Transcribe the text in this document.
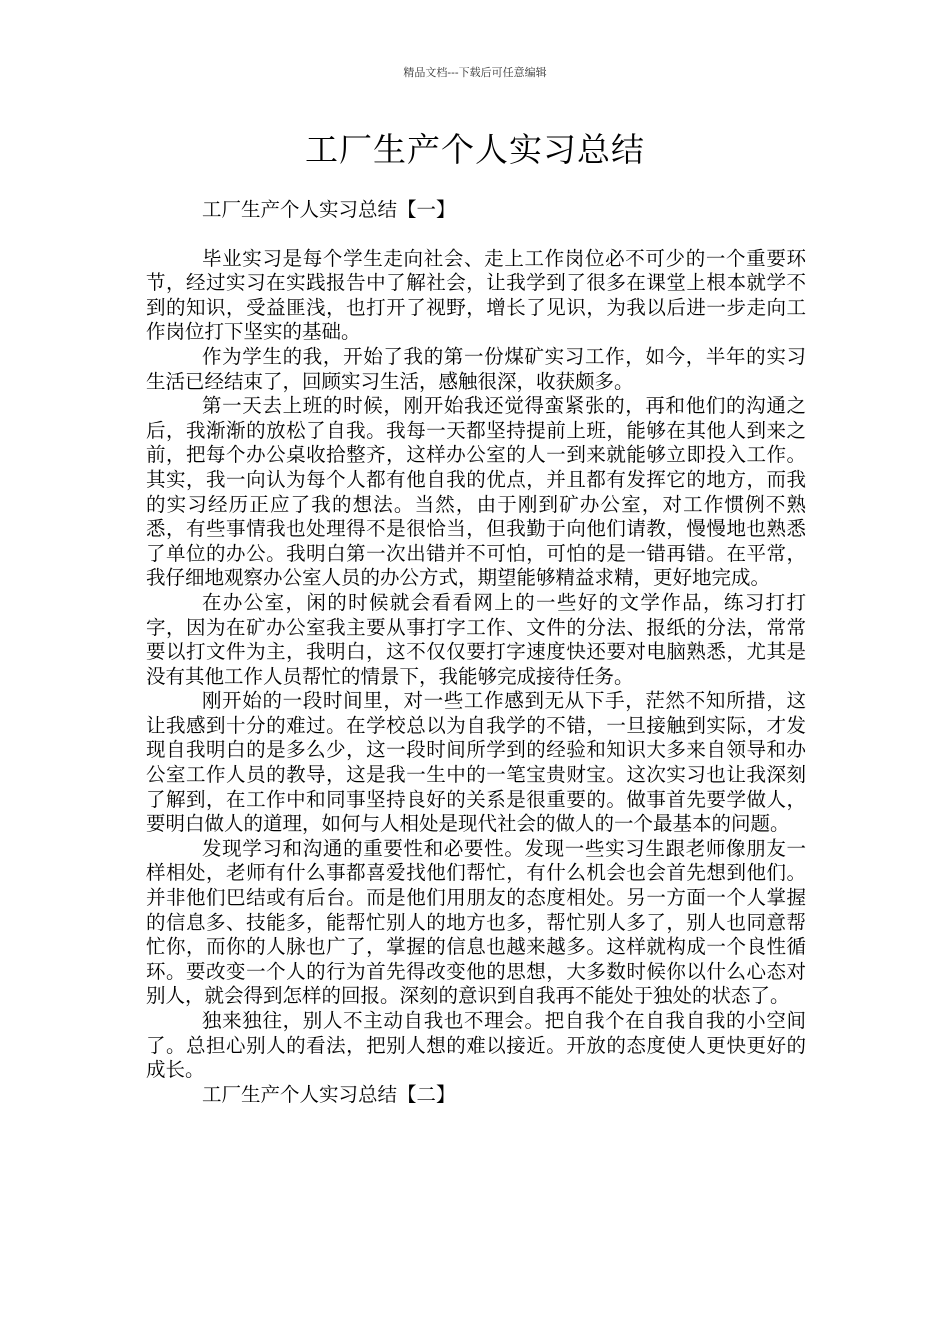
精品文档---下载后可任意编辑
工厂生产个人实习总结
工厂生产个人实习总结【一】

毕业实习是每个学生走向社会、走上工作岗位必不可少的一个重要环节，经过实习在实践报告中了解社会，让我学到了很多在课堂上根本就学不到的知识，受益匪浅，也打开了视野，增长了见识，为我以后进一步走向工作岗位打下坚实的基础。

作为学生的我，开始了我的第一份煤矿实习工作，如今，半年的实习生活已经结束了，回顾实习生活，感触很深，收获颇多。

第一天去上班的时候，刚开始我还觉得蛮紧张的，再和他们的沟通之后，我渐渐的放松了自我。我每一天都坚持提前上班，能够在其他人到来之前，把每个办公桌收拾整齐，这样办公室的人一到来就能够立即投入工作。其实，我一向认为每个人都有他自我的优点，并且都有发挥它的地方，而我的实习经历正应了我的想法。当然，由于刚到矿办公室，对工作惯例不熟悉，有些事情我也处理得不是很恰当，但我勤于向他们请教，慢慢地也熟悉了单位的办公。我明白第一次出错并不可怕，可怕的是一错再错。在平常，我仔细地观察办公室人员的办公方式，期望能够精益求精，更好地完成。

在办公室，闲的时候就会看看网上的一些好的文学作品，练习打打字，因为在矿办公室我主要从事打字工作、文件的分法、报纸的分法，常常要以打文件为主，我明白，这不仅仅要打字速度快还要对电脑熟悉，尤其是没有其他工作人员帮忙的情景下，我能够完成接待任务。

刚开始的一段时间里，对一些工作感到无从下手，茫然不知所措，这让我感到十分的难过。在学校总以为自我学的不错，一旦接触到实际，才发现自我明白的是多么少，这一段时间所学到的经验和知识大多来自领导和办公室工作人员的教导，这是我一生中的一笔宝贵财宝。这次实习也让我深刻了解到，在工作中和同事坚持良好的关系是很重要的。做事首先要学做人，要明白做人的道理，如何与人相处是现代社会的做人的一个最基本的问题。

发现学习和沟通的重要性和必要性。发现一些实习生跟老师像朋友一样相处，老师有什么事都喜爱找他们帮忙，有什么机会也会首先想到他们。并非他们巴结或有后台。而是他们用朋友的态度相处。另一方面一个人掌握的信息多、技能多，能帮忙别人的地方也多，帮忙别人多了，别人也同意帮忙你，而你的人脉也广了，掌握的信息也越来越多。这样就构成一个良性循环。要改变一个人的行为首先得改变他的思想，大多数时候你以什么心态对别人，就会得到怎样的回报。深刻的意识到自我再不能处于独处的状态了。

独来独往，别人不主动自我也不理会。把自我个在自我自我的小空间了。总担心别人的看法，把别人想的难以接近。开放的态度使人更快更好的成长。

工厂生产个人实习总结【二】
